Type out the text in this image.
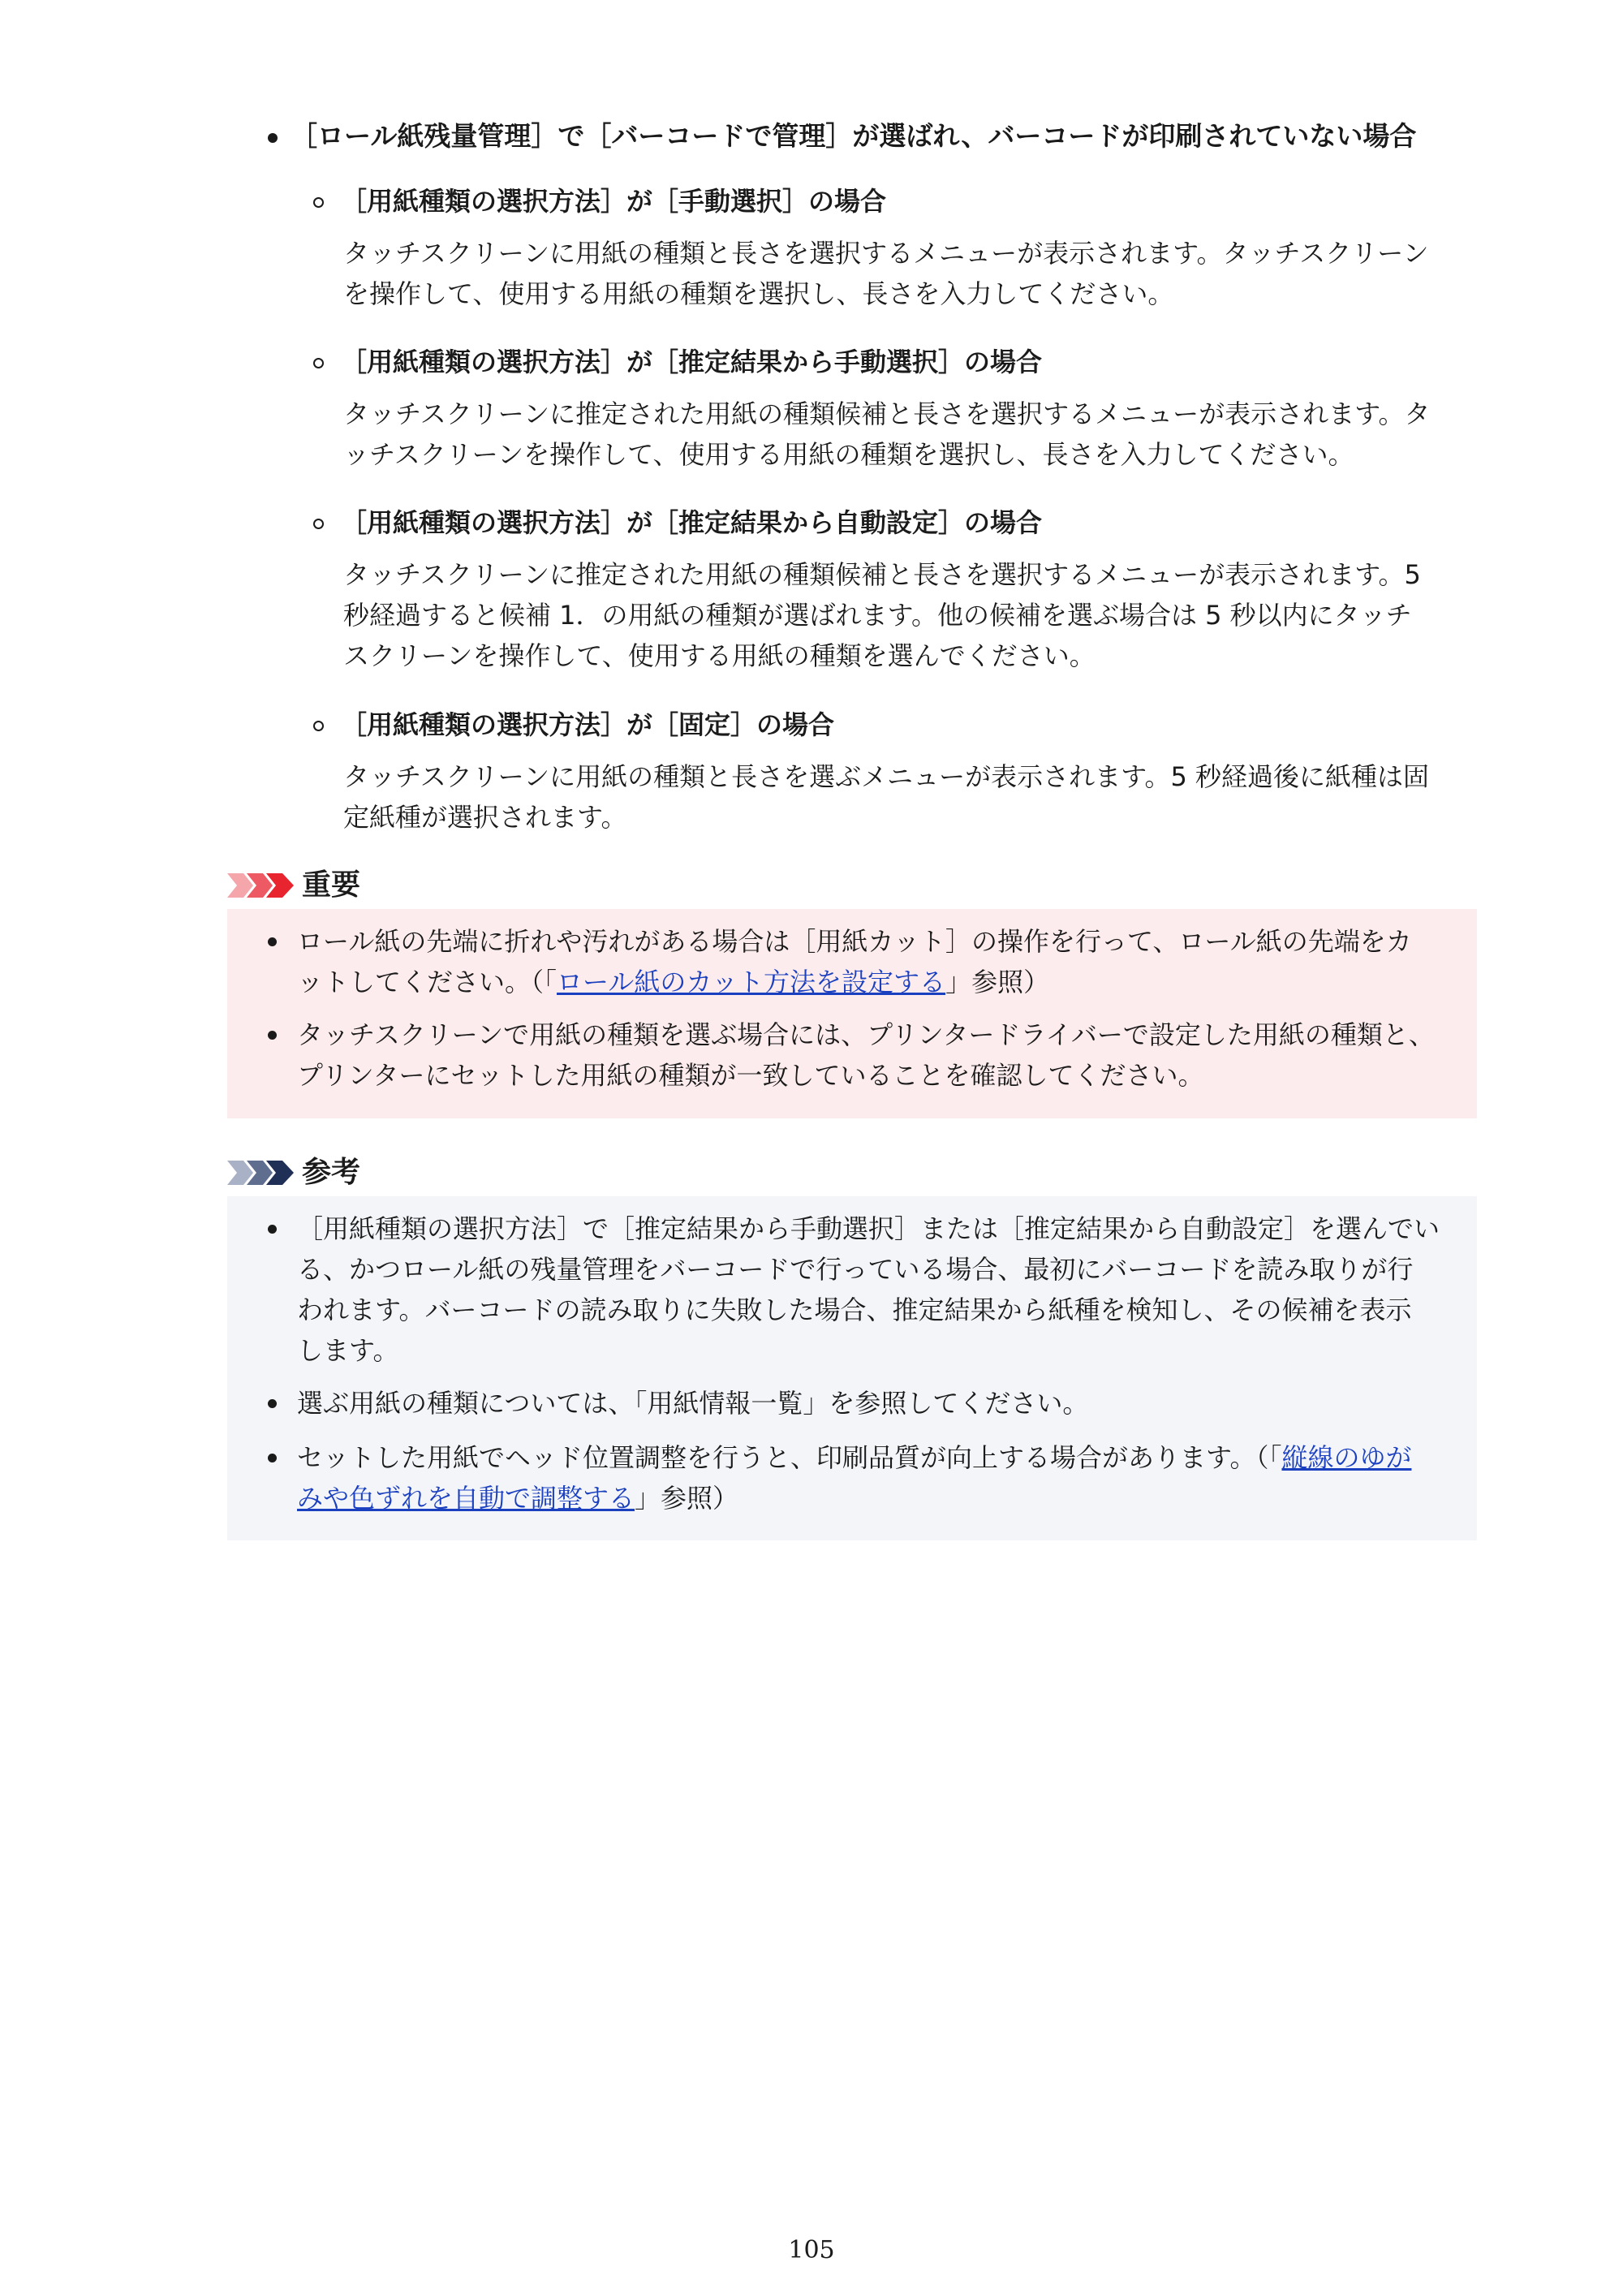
［ロール紙残量管理］で［バーコードで管理］が選ばれ、バーコードが印刷されていない場合
［用紙種類の選択方法］が［手動選択］の場合
タッチスクリーンに用紙の種類と長さを選択するメニューが表示されます。タッチスクリーン
を操作して、使用する用紙の種類を選択し、長さを入力してください。
［用紙種類の選択方法］が［推定結果から手動選択］の場合
タッチスクリーンに推定された用紙の種類候補と長さを選択するメニューが表示されます。タ
ッチスクリーンを操作して、使用する用紙の種類を選択し、長さを入力してください。
［用紙種類の選択方法］が［推定結果から自動設定］の場合
タッチスクリーンに推定された用紙の種類候補と長さを選択するメニューが表示されます。5
秒経過すると候補 1．の用紙の種類が選ばれます。他の候補を選ぶ場合は 5 秒以内にタッチ
スクリーンを操作して、使用する用紙の種類を選んでください。
［用紙種類の選択方法］が［固定］の場合
タッチスクリーンに用紙の種類と長さを選ぶメニューが表示されます。5 秒経過後に紙種は固
定紙種が選択されます。
重要
ロール紙の先端に折れや汚れがある場合は［用紙カット］の操作を行って、ロール紙の先端をカ
ットしてください。（「ロール紙のカット方法を設定する」参照）
タッチスクリーンで用紙の種類を選ぶ場合には、プリンタードライバーで設定した用紙の種類と、
プリンターにセットした用紙の種類が一致していることを確認してください。
参考
［用紙種類の選択方法］で［推定結果から手動選択］または［推定結果から自動設定］を選んでい
る、かつロール紙の残量管理をバーコードで行っている場合、最初にバーコードを読み取りが行
われます。バーコードの読み取りに失敗した場合、推定結果から紙種を検知し、その候補を表示
します。
選ぶ用紙の種類については、「用紙情報一覧」を参照してください。
セットした用紙でヘッド位置調整を行うと、印刷品質が向上する場合があります。（「縦線のゆが
みや色ずれを自動で調整する」参照）
105
